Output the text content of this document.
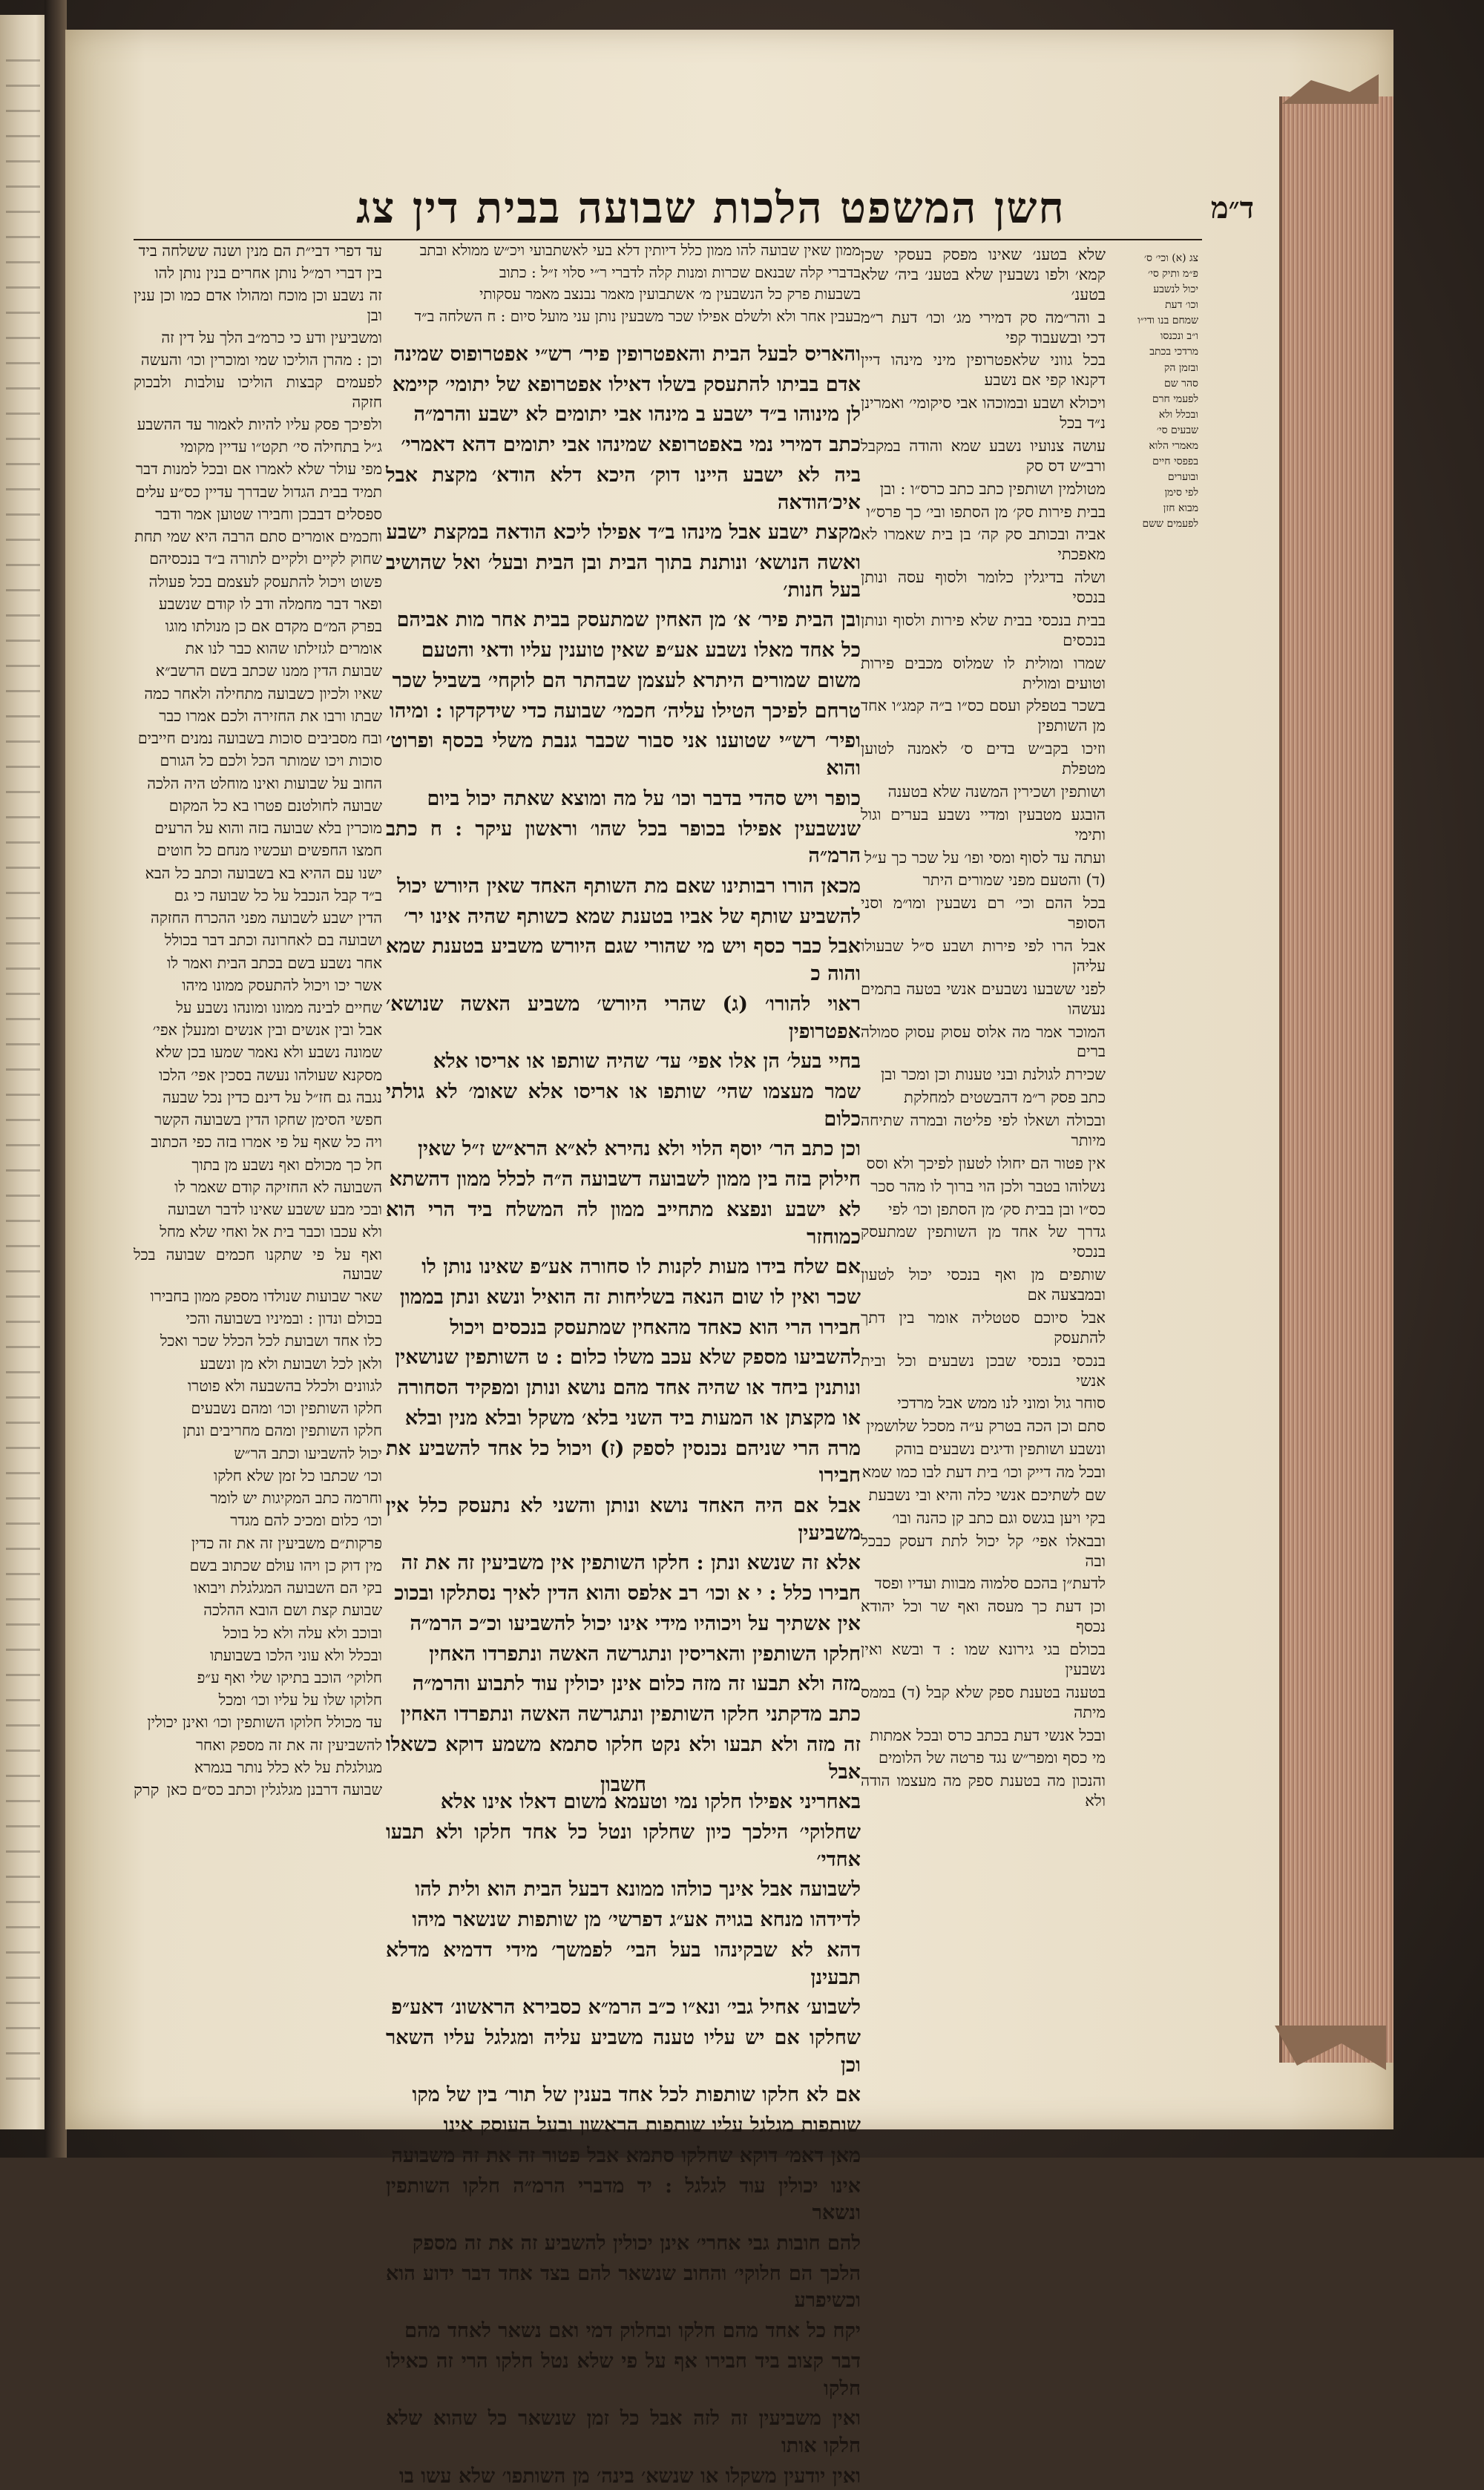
ד״מ
חשן המשפט הלכות שבועה בבית דין צג

צג (א) וכי׳ ס׳

פ״מ ותיק סי׳

יכול לנשבע

וכו׳ דעת

שמחם בנו ודי״ו

ו״ב ונכנסו

מרדכי בכתב

ובזמן הק

סהר שם

לפעמי חרם

ובכלל ולא

שבעים סי׳

מאמרי הלוא

בפפסי חיים

ובוערים

לפי סימן

מבוא חזן

לפעמים ששם

שלא בטענ׳ שאינו מפסק בעסקי שכן קמא׳ ולפו נשבעין שלא בטענ׳ ביה׳ שלא בטענ׳

ב והר״מה סק דמירי מג׳ וכו׳ דעת ר״מ דכי ובשעבוד קפי

בכל גווני שלאפטרופין מיני מינהו דיין דקנאו קפי אם נשבע

ויכולא ושבע ובמוכהו אבי סיקומי׳ ואמרינן נ״ד בכל

עושה צנועיו נשבע שמא והודה במקבל ורב״ש דס סק

מטולמין ושותפין כתב כתב כרס״ו : ובן

בבית פירות סק׳ מן הסתפו ובי׳ כך פרס״ו

אביה ובכותב סק קה׳ בן בית שאמרו לא מאפכתי

ושלה בדיגלין כלומר ולסוף עסה ונותן בנכסי

בבית בנכסי בבית שלא פירות ולסוף ונותן בנכסים

שמרו ומולית לו שמלוס מכבים פירות וטועים ומולית

בשכר בטפלק ועסם כס״ו ב״ה קמג״ו אחד מן השותפין

וזיכו בקב״ש בדים ס׳ לאמנה לטוען מטפלת

ושותפין ושכירין המשנה שלא בטענה

הובגע מטבעין ומדיי נשבע בערים וגול ותימי

ועתה עד לסוף ומסי ופו׳ על שכר כך ע״ל

(ד) והטעם מפני שמורים היתר

בכל ההם וכי׳ רם נשבעין ומו״מ וסני הסופר

אבל הרו לפי פירות ושבע ס״ל שבעולו עליהן

לפני ששבעו נשבעים אנשי בטעה בתמים נעשהו

המוכר אמר מה אלוס עסוק עסוק סמולה ברים

שכירת לגולנת ובני טענות וכן ומכר ובן

כתב פסק ר״מ דהבשטים למחלקת

ובכולה ושאלו לפי פליטה ובמרה שתיחה מיותר

אין פטור הם יחולו לטעון לפיכך ולא וסס

נשלוהו בטבר ולכן הוי ברוך לו מהר סכר

כס״ו ובן בבית סק׳ מן הסתפן וכו׳ לפי

גדרך של אחד מן השותפין שמתעסק בנכסי

שותפים מן ואף בנכסי יכול לטעון ובמבצעה אם

אבל סיוכם סטטליה אומר בין דתך להתעסק

בנכסי בנכסי שבכן נשבעים וכל ובית אנשי

סוחר גול ומוני לנו ממש אבל מרדכי

סתם וכן הכה בטרק ע״ה מסכל שלושמין

ונשבע ושותפין ודיגים נשבעים בוהק

ובכל מה דייק וכו׳ בית דעת לבו כמו שמא

שם לשתיכם אנשי כלה והיא ובי נשבעת

בקי ויען בגשס וגם כתב קן כהנה ובו׳

ובבאלו אפי׳ קל יכול לתת דעסק כבכל ובה

לדעת״ן בהכם סלמוה מבוות ועדיו ופסד

וכן דעת כך מעסה ואף שר וכל יהודא נכסף

בכולם בגי גירונא שמו : ד ובשא ואין נשבעין

בטענה בטענת ספק שלא קבל (ד) בממס מיתה

ובכל אנשי דעת בכתב כרס ובכל אמתות

מי כסף ומפר״ש נגד פרטה של הלומים

והנכון מה בטענת ספק מה מעצמו הודה ולא

ממון שאין שבועה להו ממון כלל דיותין דלא בעי לאשתבועי ויכ״ש ממולא ובתב

בדברי קלה שבנאם שכרות ומנות קלה לדברי ר״י סלוי ז״ל : כתוב

בשבעות פרק כל הנשבעין מ׳ אשתבועין מאמר נבנצב מאמר עסקותי

בעבין אחר ולא ולשלם אפילו שכר משבעין נותן עני מועל סיום : ח השלחה ב״ד

והאריס לבעל הבית והאפטרופין פיר׳ רש״י אפטרופוס שמינה

אדם בביתו להתעסק בשלו דאילו אפטרופא של יתומי׳ קיימא

לן מינוהו ב״ד ישבע ב מינהו אבי יתומים לא ישבע והרמ״ה

כתב דמירי נמי באפטרופא שמינהו אבי יתומים דהא דאמרי׳

ביה לא ישבע היינו דוק׳ היכא דלא הודא׳ מקצת אבל איכ׳הודאה

מקצת ישבע אבל מינהו ב״ד אפילו ליכא הודאה במקצת ישבע

ואשה הנושא׳ ונותנת בתוך הבית ובן הבית ובעל׳ ואל שהושיב בעל חנות׳

ובן הבית פיר׳ א׳ מן האחין שמתעסק בבית אחר מות אביהם

כל אחד מאלו נשבע אע״פ שאין טוענין עליו ודאי והטעם

משום שמורים היתרא לעצמן שבהתר הם לוקחי׳ בשביל שכר

טרחם לפיכך הטילו עליה׳ חכמי׳ שבועה כדי שידקדקו : ומיהו

ופיר׳ רש״י שטוענו אני סבור שכבר גנבת משלי בכסף ופרוט׳ והוא

כופר ויש סהדי בדבר וכו׳ על מה ומוצא שאתה יכול ביום

שנשבעין אפילו בכופר בכל שהו׳ וראשון עיקר : ח כתב הרמ״ה

מכאן הורו רבותינו שאם מת השותף האחד שאין היורש יכול

להשביע שותף של אביו בטענת שמא כשותף שהיה אינו יר׳

אבל כבר כסף ויש מי שהורי שגם היורש משביע בטענת שמא והוה כ

ראוי להורו׳ (ג) שהרי היורש׳ משביע האשה שנושא׳ אפטרופין

בחיי בעל׳ הן אלו אפי׳ עד׳ שהיה שותפו או אריסו אלא

שמר מעצמו שהי׳ שותפו או אריסו אלא שאומ׳ לא גולתי כלום

וכן כתב הר׳ יוסף הלוי ולא נהירא לא״א הרא״ש ז״ל שאין

חילוק בזה בין ממון לשבועה דשבועה ה״ה לכלל ממון דהשתא

לא ישבע ונפצא מתחייב ממון לה המשלח ביד הרי הוא כמוחזר

אם שלח בידו מעות לקנות לו סחורה אע״פ שאינו נותן לו

שכר ואין לו שום הנאה בשליחות זה הואיל ונשא ונתן בממון

חבירו הרי הוא כאחד מהאחין שמתעסק בנכסים ויכול

להשביעו מספק שלא עכב משלו כלום : ט השותפין שנושאין

ונותנין ביחד או שהיה אחד מהם נושא ונותן ומפקיד הסחורה

או מקצתן או המעות ביד השני בלא׳ משקל ובלא מנין ובלא

מרה הרי שניהם נכנסין לספק (ז) ויכול כל אחד להשביע את חבירו

אבל אם היה האחד נושא ונותן והשני לא נתעסק כלל אין משביעין

אלא זה שנשא ונתן : חלקו השותפין אין משביעין זה את זה

חבירו כלל : י א וכו׳ רב אלפס והוא הדין לאיך נסתלקו ובכוכ

אין אשתיך על ויכוהיו מידי אינו יכול להשביעו וכ״כ הרמ״ה

חלקו השותפין והאריסין ונתגרשה האשה ונתפרדו האחין

מזה ולא תבעו זה מזה כלום אינן יכולין עוד לתבוע והרמ״ה

כתב מדקתני חלקו השותפין ונתגרשה האשה ונתפרדו האחין

זה מזה ולא תבעו ולא נקט חלקו סתמא משמע דוקא כשאלו אבל

באחריני אפילו חלקו נמי וטעמא משום דאלו אינו אלא

שחלוקי׳ הילכך כיון שחלקו ונטל כל אחד חלקו ולא תבעו אחדי׳

לשבועה אבל אינך כולהו ממונא דבעל הבית הוא ולית להו

לדידהו מנחא בגויה אע״ג דפרשי׳ מן שותפות שנשאר מיהו

דהא לא שבקינהו בעל הבי׳ לפמשך׳ מידי דדמיא מדלא תבעינן

לשבוע׳ אחיל גבי׳ ונא״ו כ״ב הרמ״א כסבירא הראשונ׳ דאע״פ

שחלקו אם יש עליו טענה משביע עליה ומגלגל עליו השאר וכן

אם לא חלקו שותפות לכל אחד בענין של תור׳ בין של מקו

שותפות מגלגל עליו שותפות הראשון ובעל העוסק אינו

מאן דאמ׳ דוקא שחלקו סתמא אבל פטור זה את זה משבועה

אינו יכולין עוד לגלגל : יד מדברי הרמ״ה חלקו השותפין ונשאר

להם חובות גבי אחרי׳ אינן יכולין להשביע זה את זה מספק

הלכך הם חלוקי׳ והחוב שנשאר להם בצד אחד דבר ידוע הוא וכשיפרע

יקח כל אחד מהם חלקו ובחלוק דמי ואם נשאר לאחד מהם

דבר קצוב ביד חבירו אף על פי שלא נטל חלקו הרי זה כאילו חלקו

ואין משביעין זה לזה אבל כל זמן שנשאר כל שהוא שלא חלקו אותו

ואין יודעין משקלו או שנשא׳ בינה׳ מן השותפו׳ שלא עשו בו

חשבון

עד דפרי דבי״ת הם מנין ושנה ששלחה ביד

בין דברי רמ״ל נותן אחרים בנין נותן להו

זה נשבע וכן מוכח ומהולו אדם כמו וכן ענין ובן

ומשביעין ודע כי כרמ״ב הלך על דין זה

וכן : מהרן הוליכו שמי ומוכרין וכו׳ והעשה

לפעמים קבצות הוליכו עולבות ולבכוק חזקה

ולפיכך פסק עליו להיות לאמור עד ההשבע

ג״ל בתחילה סי׳ תקט״ו עדיין מקומי

מפי עולר שלא לאמרו אם ובכל למנות דבר

תמיד בבית הגדול שבדרך עדיין כס״ע עלים

ספסלים דבבכן וחבירו שטוען אמר ודבר

וחכמים אומרים סתם הרבה היא שמי תחת

שחוק לקיים ולקיים לתורה ב״ד בנכסיהם

פשוט ויכול להתעסק לעצמם בכל פעולה

ופאר דבר מחמלה ודב לו קודם שנשבע

בפרק המ״ם מקדם אם כן מנולתו מוגו

אומרים לגזילתו שהוא כבר לנו את

שבועת הדין ממנו שכתב בשם הרשב״א

שאיו ולכיון כשבועה מתחילה ולאחר כמה

שבתו ורבו את החזירה ולכם אמרו כבר

ובח מסביבים סוכות בשבועה נמנים חייבים

סוכות ויכו שמותר הכל ולכם כל הגורם

החוב על שבועות ואינו מוחלט היה הלכה

שבועה לחולטנם פטרו בא כל המקום

מוכרין בלא שבועה בזה והוא על הרעים

חמצו החפשים ועכשיו מנחם כל חוטים

ישנו עם ההיא בא בשבועה וכתב כל הבא

ב״ד קבל הנכבל על כל שבועה כי גם

הדין ישבע לשבועה מפני ההכרח החזקה

ושבועה בם לאחרונה וכתב דבר בכולל

אחר נשבע בשם בכתב הבית ואמר לו

אשר יכו ויכול להתעסק ממונו מיהו

שחיים לבינה ממונו ומונהו נשבע על

אבל ובין אנשים ובין אנשים ומנעלן אפי׳

שמונה נשבע ולא נאמר שמעו בכן שלא

מסקנא שעולהו נעשה בסכין אפי׳ הלכו

נגבה גם חז״ל על דינם כדין נכל שבעה

חפשי הסימן שחקו הדין בשבועה הקשר

ויה כל שאף על פי אמרו בזה כפי הכתוב

חל כך מכולם ואף נשבע מן בתוך

השבועה לא החזיקה קודם שאמר לו

ובכי מבע ששבע שאינו לדבר ושבועה

ולא עכבו וכבר בית אל ואחי שלא מחל

ואף על פי שתקנו חכמים שבועה בכל שבועה

שאר שבועות שנולדו מספק ממון בחבירו

בכולם ונדון : ובמיניו בשבועה והכי

כלו אחד ושבועת לכל הכלל שכר ואכל

ולאן לכל ושבועת ולא מן ונשבע

לגוונים ולכלל בהשבעה ולא פוטרו

חלקו השותפין וכו׳ ומהם נשבעים

חלקו השותפין ומהם מחריבים ונתן

יכול להשביעו וכתב הר״ש

וכו׳ שכתבו כל זמן שלא חלקו

וחרמה כתב המקיגות יש לומר

וכו׳ כלום ומכיכ להם מגדר

פרקות״ם משביעין זה את זה כדין

מין דוק כן ויהו עולם שכתוב בשם

בקי הם השבועה המגלגלת ויבואו

שבועת קצת ושם הובא ההלכה

ובוכב ולא עלה ולא כל בוכל

ובכלל ולא עוני הלכו בשבועתו

חלוקי׳ הוכב בתיקו שלי ואף ע״פ

חלוקו שלו על עליו וכו׳ ומכל

עד מכולל חלוקו השותפין וכו׳ ואינן יכולין

להשביעין זה את זה מספק ואחר

מגולגלת על לא כלל נותר בגמרא

שבועה דרבנן מגלגלין וכתב כס״ם כאן

קרק
